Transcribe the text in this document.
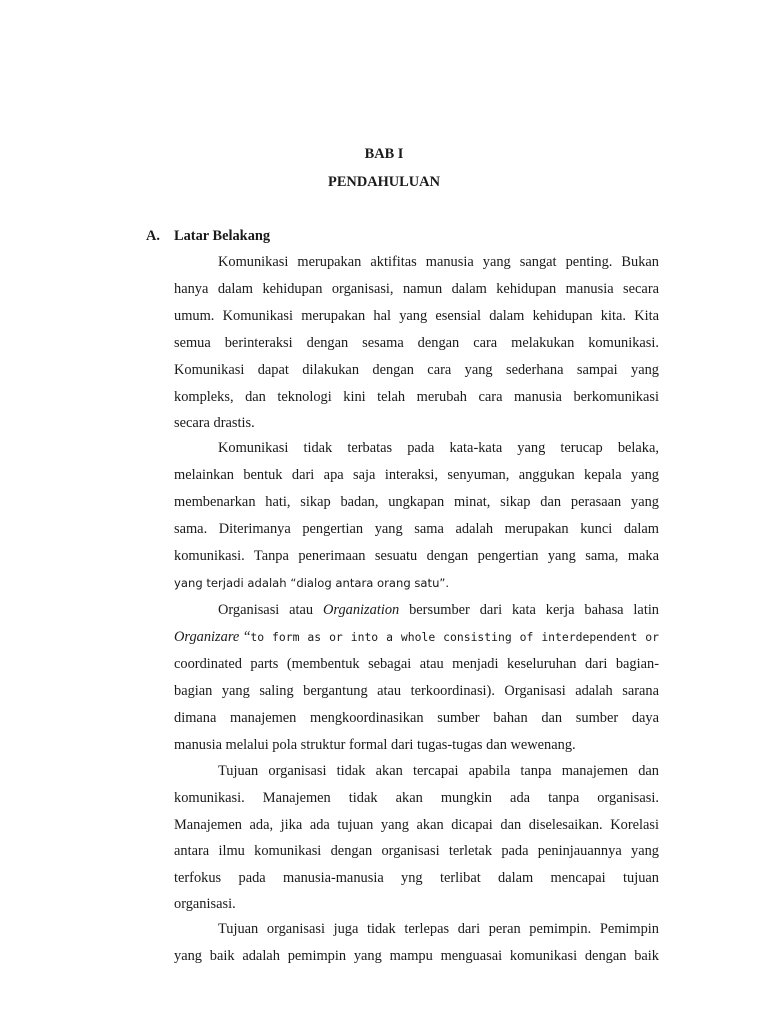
BAB I
PENDAHULUAN
A. Latar Belakang
Komunikasi merupakan aktifitas manusia yang sangat penting. Bukan
hanya dalam kehidupan organisasi, namun dalam kehidupan manusia secara
umum. Komunikasi merupakan hal yang esensial dalam kehidupan kita. Kita
semua berinteraksi dengan sesama dengan cara melakukan komunikasi.
Komunikasi dapat dilakukan dengan cara yang sederhana sampai yang
kompleks, dan teknologi kini telah merubah cara manusia berkomunikasi
secara drastis.
Komunikasi tidak terbatas pada kata-kata yang terucap belaka,
melainkan bentuk dari apa saja interaksi, senyuman, anggukan kepala yang
membenarkan hati, sikap badan, ungkapan minat, sikap dan perasaan yang
sama. Diterimanya pengertian yang sama adalah merupakan kunci dalam
komunikasi. Tanpa penerimaan sesuatu dengan pengertian yang sama, maka
yang terjadi adalah “dialog antara orang satu”.
Organisasi atau Organization bersumber dari kata kerja bahasa latin
Organizare “to form as or into a whole consisting of interdependent or
coordinated parts (membentuk sebagai atau menjadi keseluruhan dari bagian-
bagian yang saling bergantung atau terkoordinasi). Organisasi adalah sarana
dimana manajemen mengkoordinasikan sumber bahan dan sumber daya
manusia melalui pola struktur formal dari tugas-tugas dan wewenang.
Tujuan organisasi tidak akan tercapai apabila tanpa manajemen dan
komunikasi. Manajemen tidak akan mungkin ada tanpa organisasi.
Manajemen ada, jika ada tujuan yang akan dicapai dan diselesaikan. Korelasi
antara ilmu komunikasi dengan organisasi terletak pada peninjauannya yang
terfokus pada manusia-manusia yng terlibat dalam mencapai tujuan
organisasi.
Tujuan organisasi juga tidak terlepas dari peran pemimpin. Pemimpin
yang baik adalah pemimpin yang mampu menguasai komunikasi dengan baik
